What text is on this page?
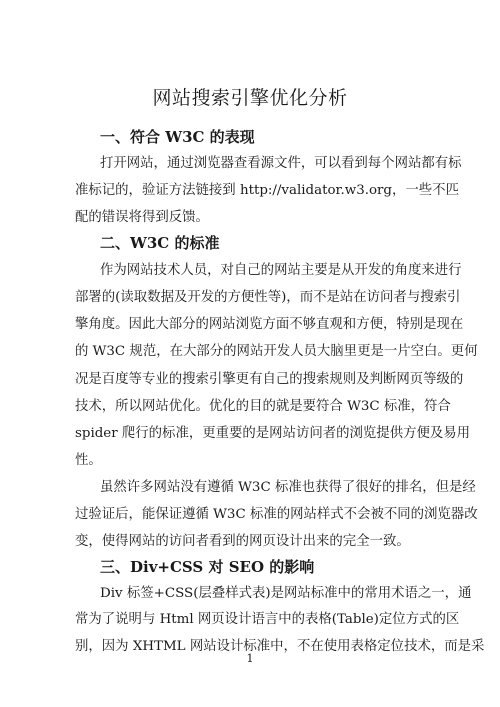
网站搜索引擎优化分析
一、符合 W3C 的表现
打开网站，通过浏览器查看源文件，可以看到每个网站都有标
准标记的，验证方法链接到 http://validator.w3.org，一些不匹
配的错误将得到反馈。
二、W3C 的标准
作为网站技术人员，对自己的网站主要是从开发的角度来进行
部署的(读取数据及开发的方便性等)，而不是站在访问者与搜索引
擎角度。因此大部分的网站浏览方面不够直观和方便，特别是现在
的 W3C 规范，在大部分的网站开发人员大脑里更是一片空白。更何
况是百度等专业的搜索引擎更有自己的搜索规则及判断网页等级的
技术，所以网站优化。优化的目的就是要符合 W3C 标准，符合
spider 爬行的标准，更重要的是网站访问者的浏览提供方便及易用
性。
虽然许多网站没有遵循 W3C 标准也获得了很好的排名，但是经
过验证后，能保证遵循 W3C 标准的网站样式不会被不同的浏览器改
变，使得网站的访问者看到的网页设计出来的完全一致。
三、Div+CSS 对 SEO 的影响
Div 标签+CSS(层叠样式表)是网站标准中的常用术语之一，通
常为了说明与 Html 网页设计语言中的表格(Table)定位方式的区
别，因为 XHTML 网站设计标准中，不在使用表格定位技术，而是采
1
